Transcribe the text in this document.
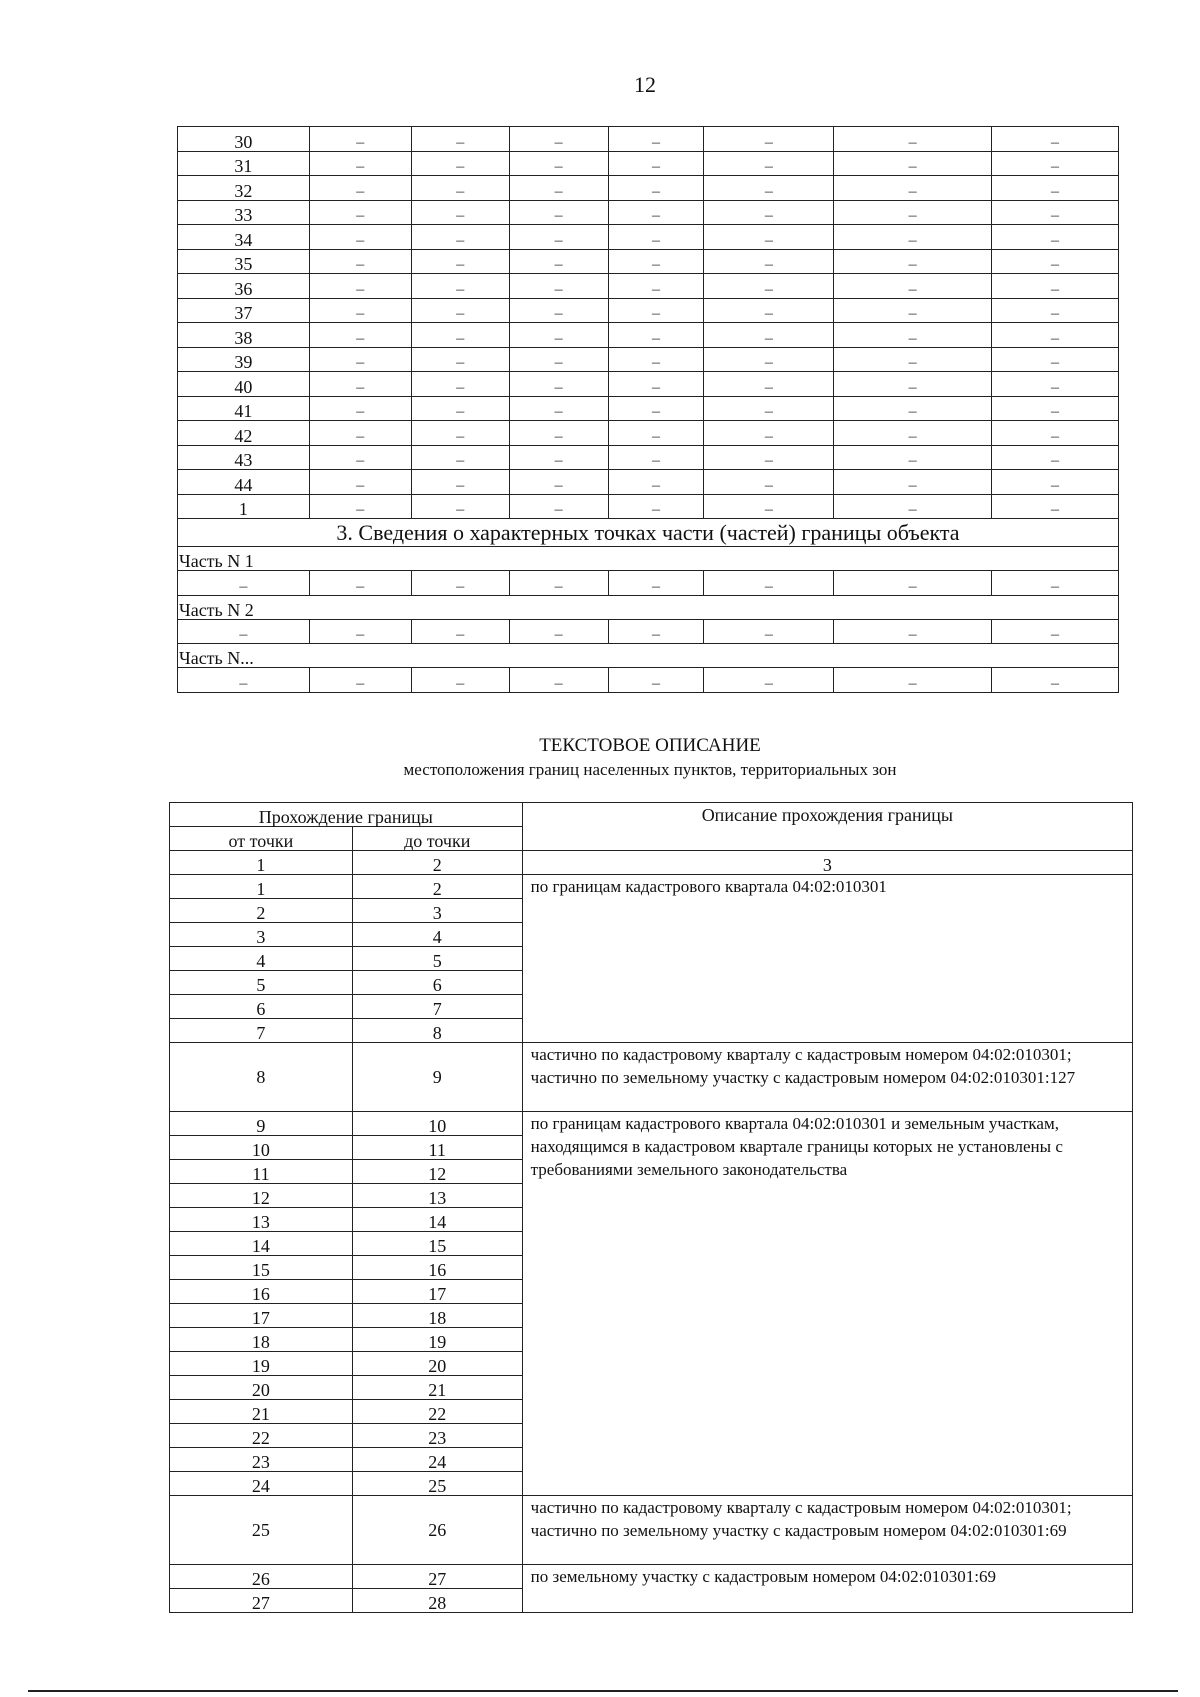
12
30	–	–	–	–	–	–	–
31	–	–	–	–	–	–	–
32	–	–	–	–	–	–	–
33	–	–	–	–	–	–	–
34	–	–	–	–	–	–	–
35	–	–	–	–	–	–	–
36	–	–	–	–	–	–	–
37	–	–	–	–	–	–	–
38	–	–	–	–	–	–	–
39	–	–	–	–	–	–	–
40	–	–	–	–	–	–	–
41	–	–	–	–	–	–	–
42	–	–	–	–	–	–	–
43	–	–	–	–	–	–	–
44	–	–	–	–	–	–	–
1	–	–	–	–	–	–	–
3. Сведения о характерных точках части (частей) границы объекта							
Часть N 1							
–	–	–	–	–	–	–	–
Часть N 2							
–	–	–	–	–	–	–	–
Часть N...							
–	–	–	–	–	–	–	–
ТЕКСТОВОЕ ОПИСАНИЕ
местоположения границ населенных пунктов, территориальных зон
Прохождение границы		Описание прохождения границы
от точки	до точки	
1	2	3
1	2	по границам кадастрового квартала 04:02:010301
2	3	
3	4	
4	5	
5	6	
6	7	
7	8	
8	9	частично по кадастровому кварталу с кадастровым номером 04:02:010301; частично по земельному участку с кадастровым номером 04:02:010301:127
9	10	по границам кадастрового квартала 04:02:010301 и земельным участкам, находящимся в кадастровом квартале границы которых не установлены с требованиями земельного законодательства
10	11	
11	12	
12	13	
13	14	
14	15	
15	16	
16	17	
17	18	
18	19	
19	20	
20	21	
21	22	
22	23	
23	24	
24	25	
25	26	частично по кадастровому кварталу с кадастровым номером 04:02:010301; частично по земельному участку с кадастровым номером 04:02:010301:69
26	27	по земельному участку с кадастровым номером 04:02:010301:69
27	28	
